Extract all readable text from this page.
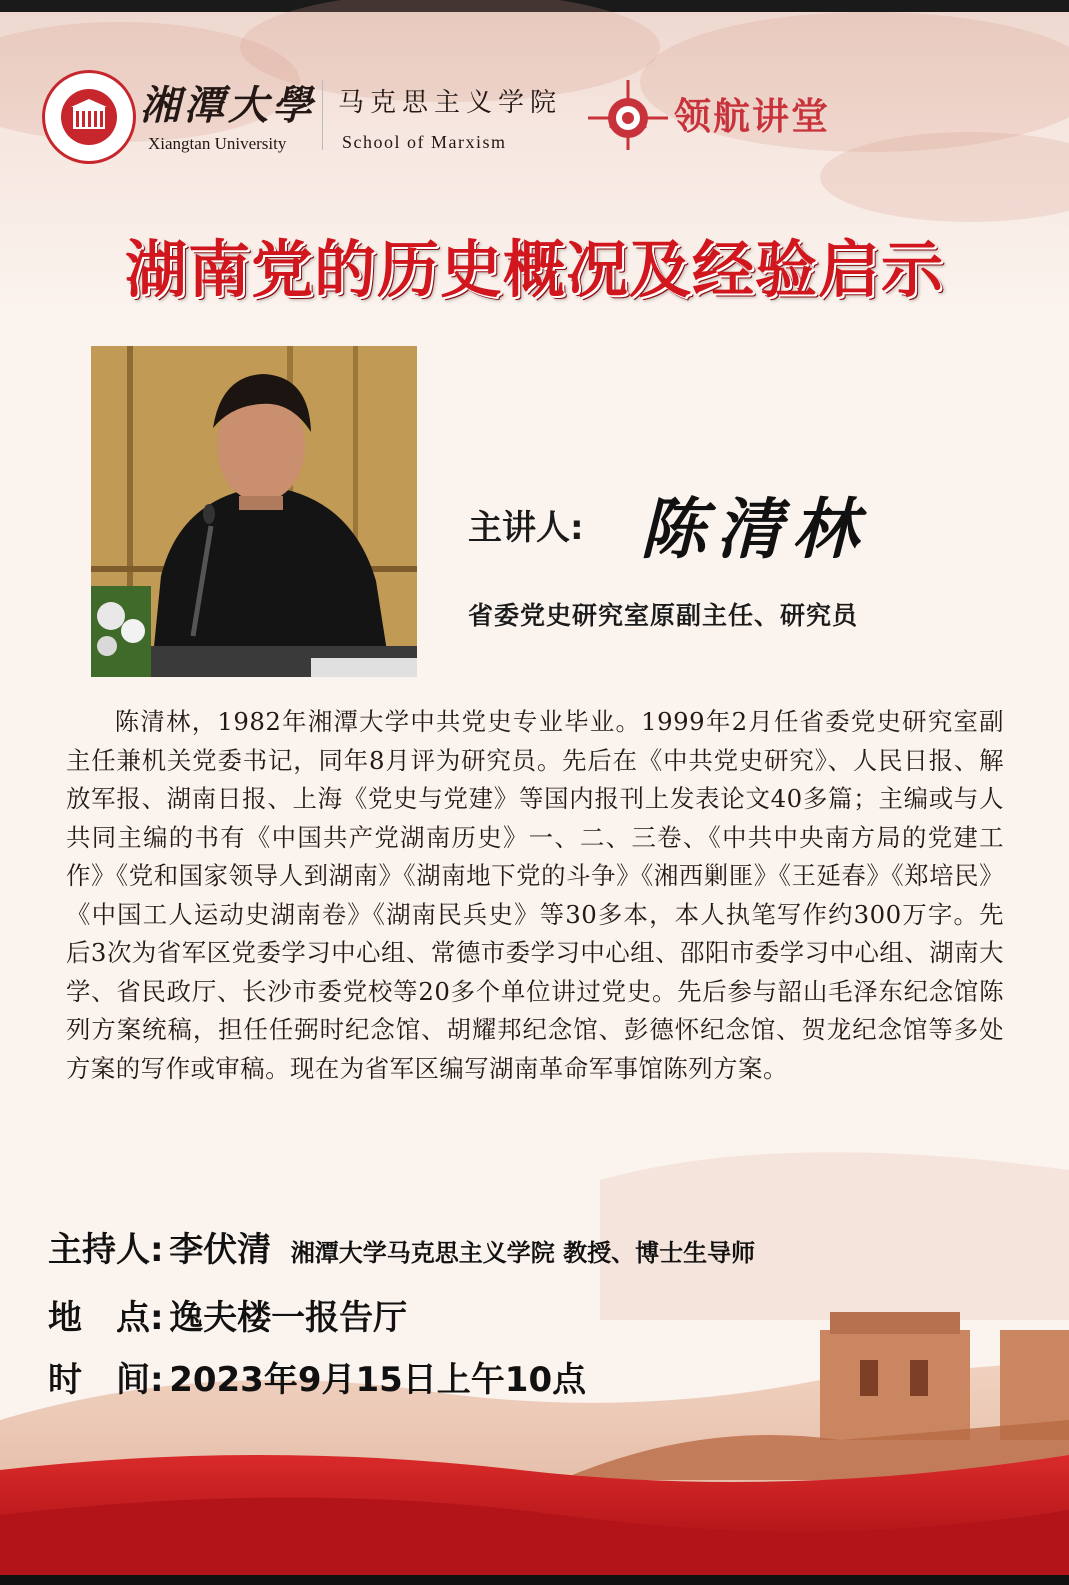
湘潭大學
Xiangtan University
马克思主义学院
School of Marxism
领航讲堂
湖南党的历史概况及经验启示
主讲人: 陈清林
省委党史研究室原副主任、研究员
陈清林，1982年湘潭大学中共党史专业毕业。1999年2月任省委党史研究室副主任兼机关党委书记，同年8月评为研究员。先后在《中共党史研究》、人民日报、解放军报、湖南日报、上海《党史与党建》等国内报刊上发表论文40多篇；主编或与人共同主编的书有《中国共产党湖南历史》一、二、三卷、《中共中央南方局的党建工作》《党和国家领导人到湖南》《湖南地下党的斗争》《湘西剿匪》《王延春》《郑培民》《中国工人运动史湖南卷》《湖南民兵史》等30多本，本人执笔写作约300万字。先后3次为省军区党委学习中心组、常德市委学习中心组、邵阳市委学习中心组、湖南大学、省民政厅、长沙市委党校等20多个单位讲过党史。先后参与韶山毛泽东纪念馆陈列方案统稿，担任任弼时纪念馆、胡耀邦纪念馆、彭德怀纪念馆、贺龙纪念馆等多处方案的写作或审稿。现在为省军区编写湖南革命军事馆陈列方案。
主持人: 李伏清 湘潭大学马克思主义学院 教授、博士生导师
地　点: 逸夫楼一报告厅
时　间: 2023年9月15日上午10点
